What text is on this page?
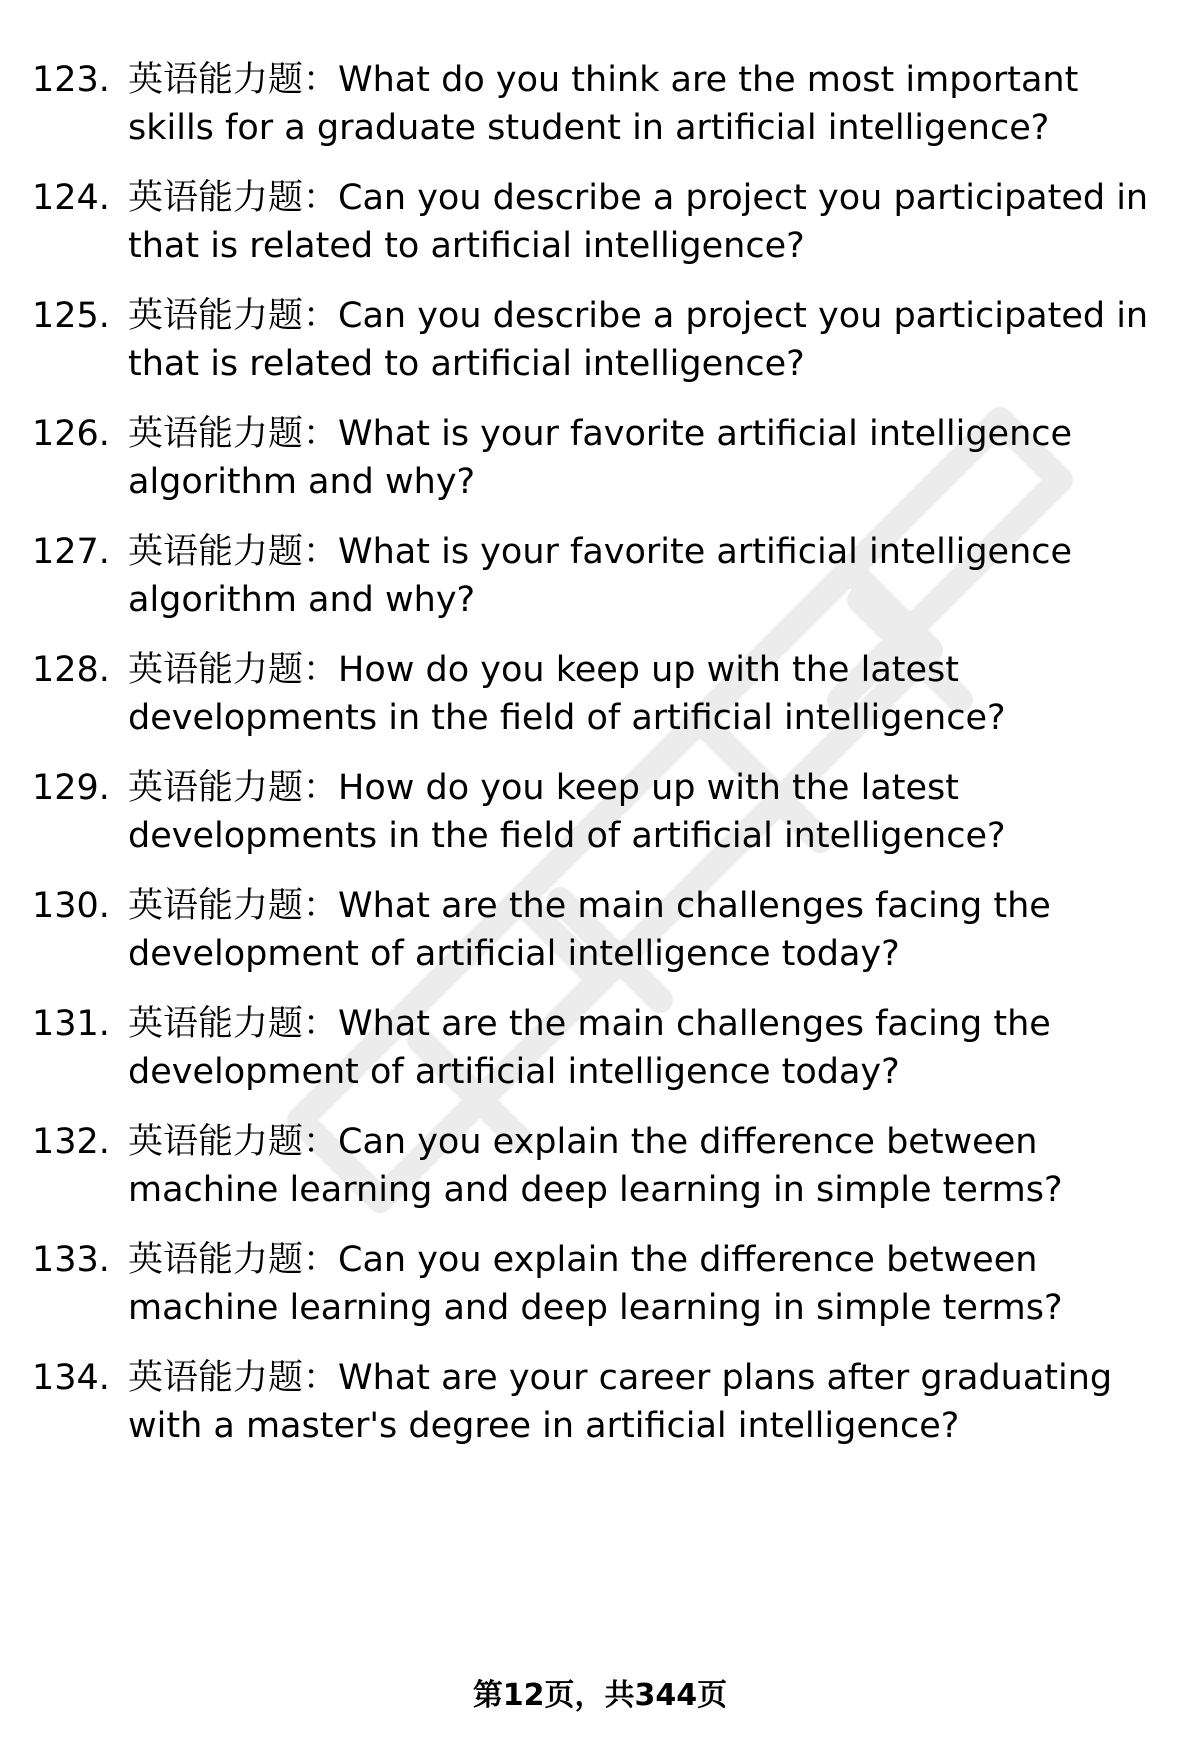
123. 英语能力题：What do you think are the most important
skills for a graduate student in artificial intelligence?
124. 英语能力题：Can you describe a project you participated in
that is related to artificial intelligence?
125. 英语能力题：Can you describe a project you participated in
that is related to artificial intelligence?
126. 英语能力题：What is your favorite artificial intelligence
algorithm and why?
127. 英语能力题：What is your favorite artificial intelligence
algorithm and why?
128. 英语能力题：How do you keep up with the latest
developments in the field of artificial intelligence?
129. 英语能力题：How do you keep up with the latest
developments in the field of artificial intelligence?
130. 英语能力题：What are the main challenges facing the
development of artificial intelligence today?
131. 英语能力题：What are the main challenges facing the
development of artificial intelligence today?
132. 英语能力题：Can you explain the difference between
machine learning and deep learning in simple terms?
133. 英语能力题：Can you explain the difference between
machine learning and deep learning in simple terms?
134. 英语能力题：What are your career plans after graduating
with a master's degree in artificial intelligence?
第12页，共344页
